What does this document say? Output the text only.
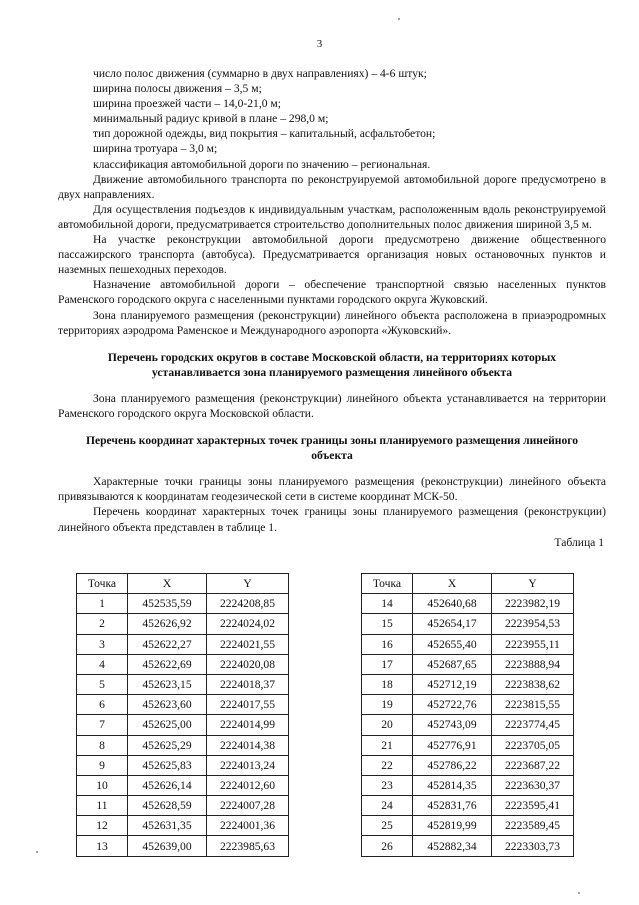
3
число полос движения (суммарно в двух направлениях) – 4-6 штук;
ширина полосы движения – 3,5 м;
ширина проезжей части – 14,0-21,0 м;
минимальный радиус кривой в плане – 298,0 м;
тип дорожной одежды, вид покрытия – капитальный, асфальтобетон;
ширина тротуара – 3,0 м;
классификация автомобильной дороги по значению – региональная.

Движение автомобильного транспорта по реконструируемой автомобильной дороге предусмотрено в двух направлениях.

Для осуществления подъездов к индивидуальным участкам, расположенным вдоль реконструируемой автомобильной дороги, предусматривается строительство дополнительных полос движения шириной 3,5 м.

На участке реконструкции автомобильной дороги предусмотрено движение общественного пассажирского транспорта (автобуса). Предусматривается организация новых остановочных пунктов и наземных пешеходных переходов.

Назначение автомобильной дороги – обеспечение транспортной связью населенных пунктов Раменского городского округа с населенными пунктами городского округа Жуковский.

Зона планируемого размещения (реконструкции) линейного объекта расположена в приаэродромных территориях аэродрома Раменское и Международного аэропорта «Жуковский».

Перечень городских округов в составе Московской области, на территориях которых устанавливается зона планируемого размещения линейного объекта

Зона планируемого размещения (реконструкции) линейного объекта устанавливается на территории Раменского городского округа Московской области.

Перечень координат характерных точек границы зоны планируемого размещения линейного объекта

Характерные точки границы зоны планируемого размещения (реконструкции) линейного объекта привязываются к координатам геодезической сети в системе координат МСК-50.

Перечень координат характерных точек границы зоны планируемого размещения (реконструкции) линейного объекта представлен в таблице 1.

Таблица 1

Точка	X	Y
1	452535,59	2224208,85
2	452626,92	2224024,02
3	452622,27	2224021,55
4	452622,69	2224020,08
5	452623,15	2224018,37
6	452623,60	2224017,55
7	452625,00	2224014,99
8	452625,29	2224014,38
9	452625,83	2224013,24
10	452626,14	2224012,60
11	452628,59	2224007,28
12	452631,35	2224001,36
13	452639,00	2223985,63
Точка	X	Y
14	452640,68	2223982,19
15	452654,17	2223954,53
16	452655,40	2223955,11
17	452687,65	2223888,94
18	452712,19	2223838,62
19	452722,76	2223815,55
20	452743,09	2223774,45
21	452776,91	2223705,05
22	452786,22	2223687,22
23	452814,35	2223630,37
24	452831,76	2223595,41
25	452819,99	2223589,45
26	452882,34	2223303,73
